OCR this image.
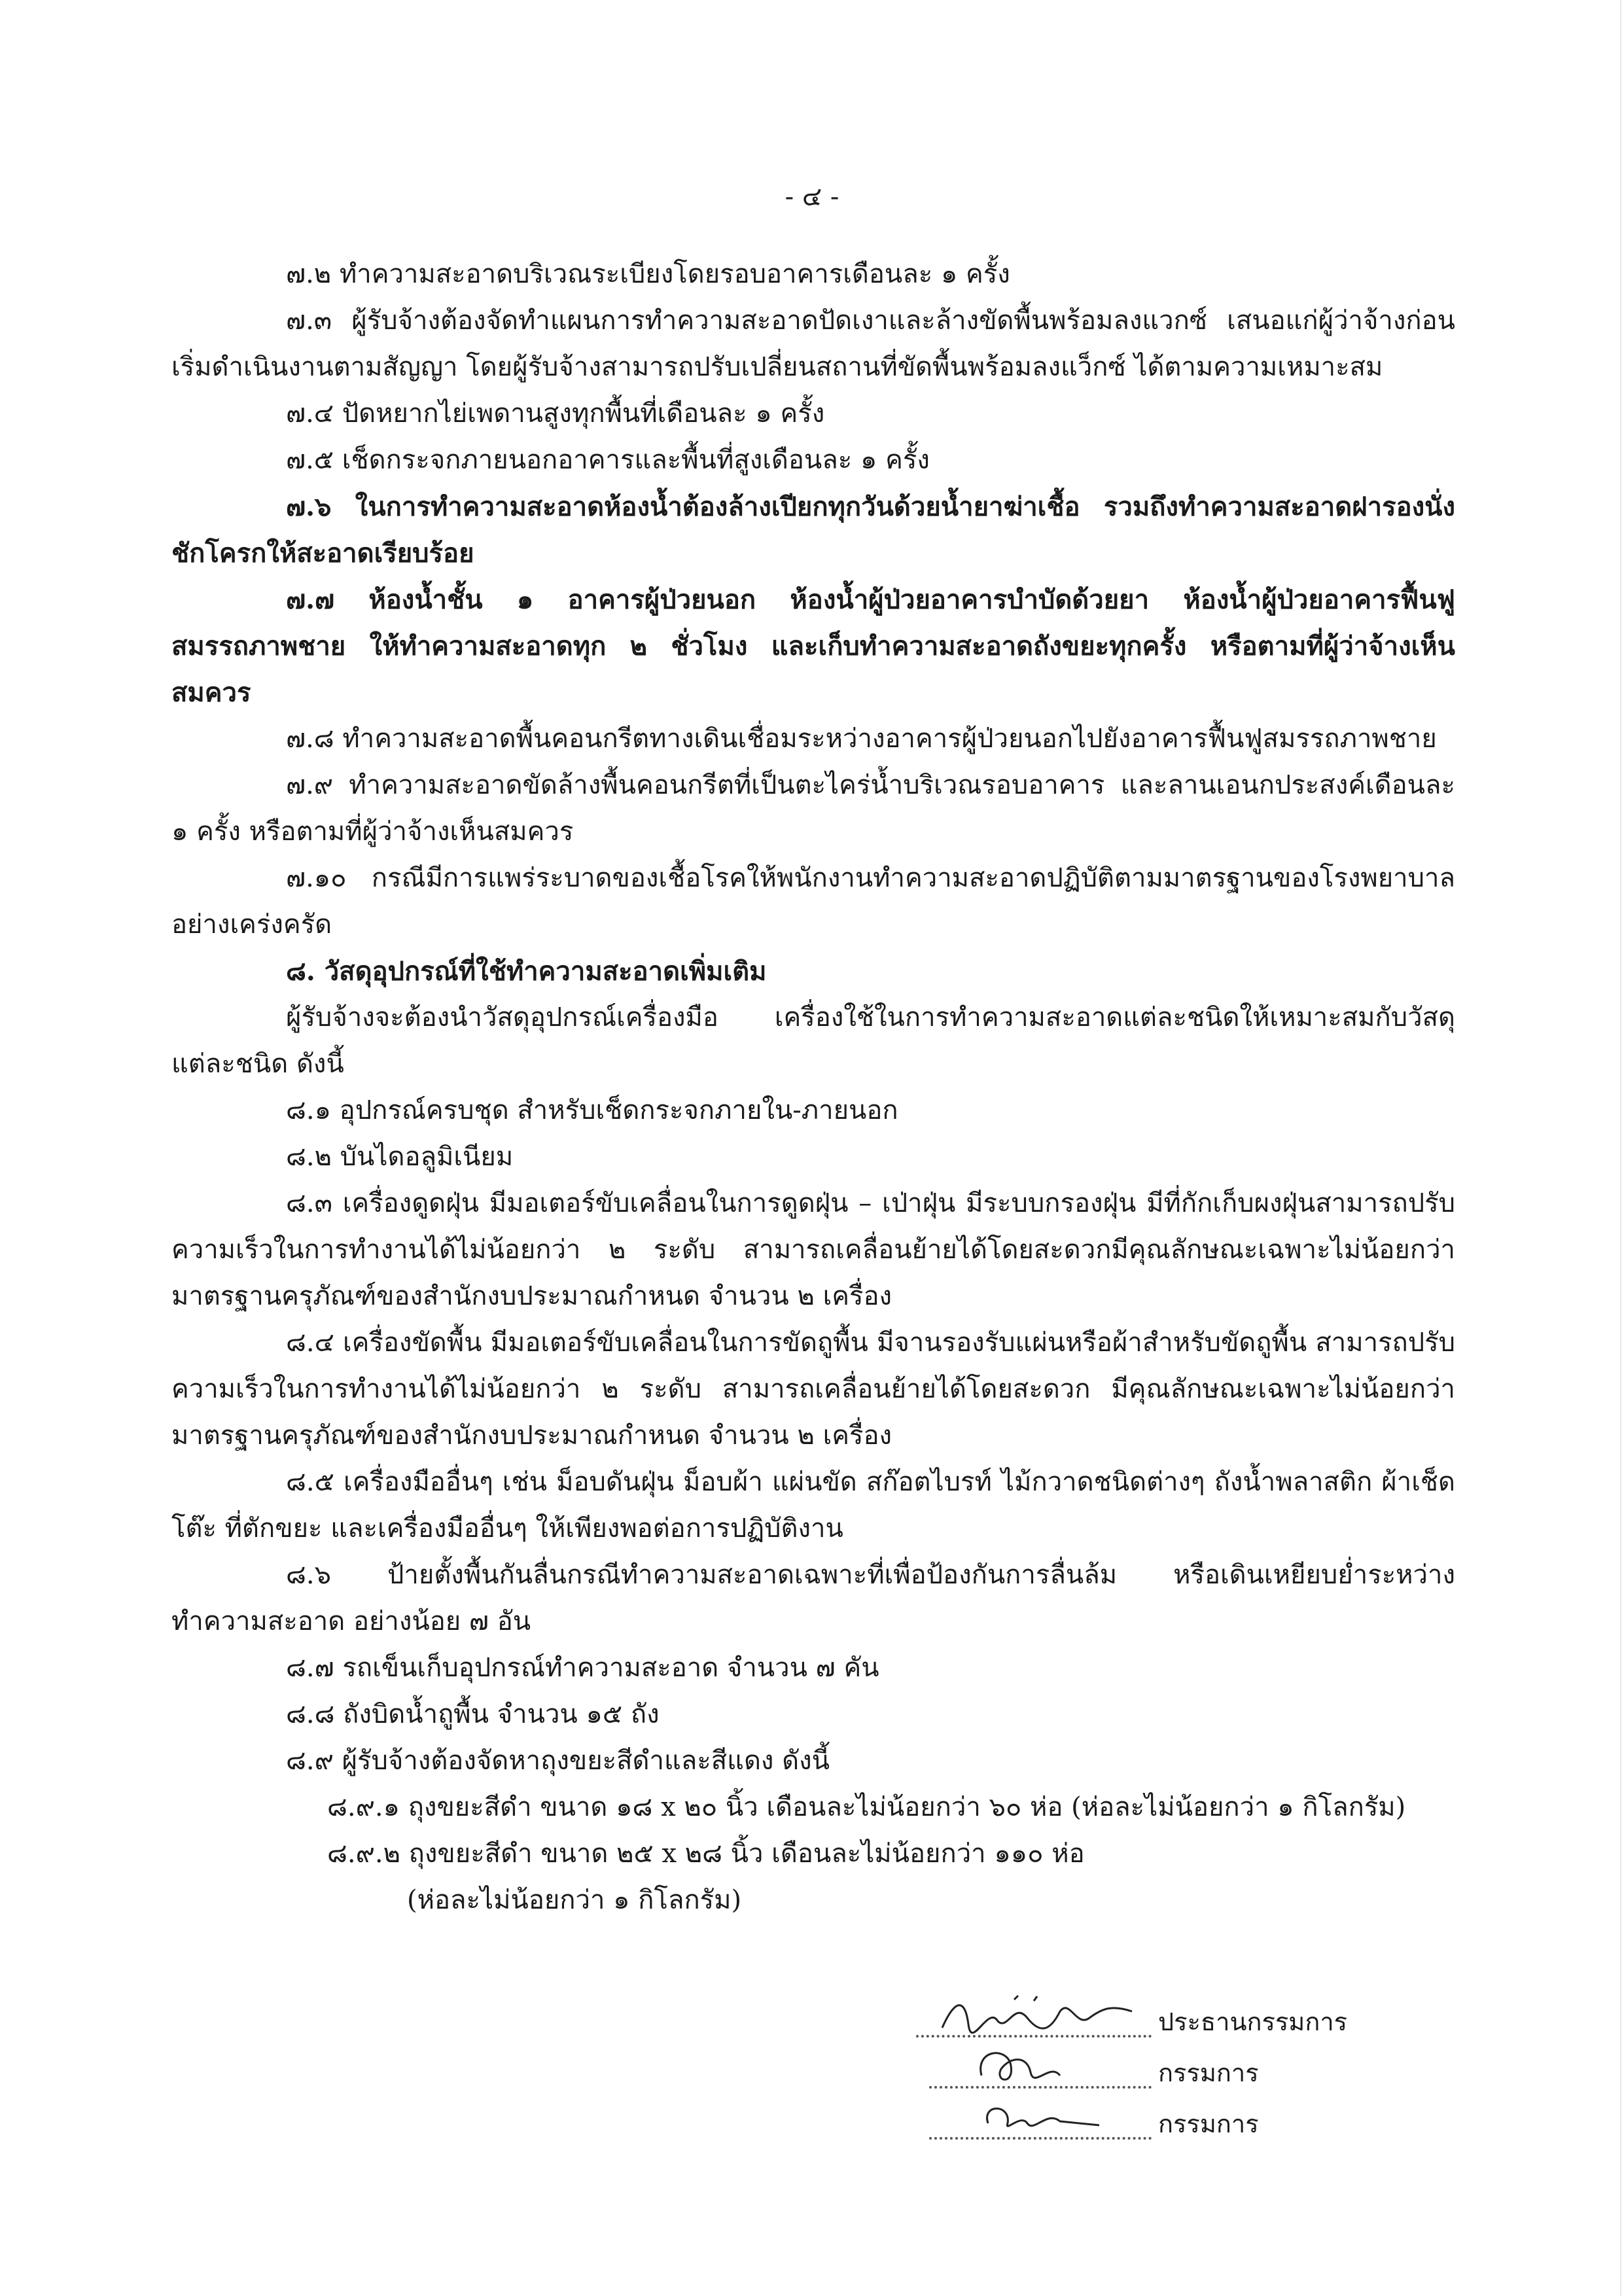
- ๔ -

๗.๒ ทำความสะอาดบริเวณระเบียงโดยรอบอาคารเดือนละ ๑ ครั้ง

๗.๓ ผู้รับจ้างต้องจัดทำแผนการทำความสะอาดปัดเงาและล้างขัดพื้นพร้อมลงแวกซ์ เสนอแก่ผู้ว่าจ้างก่อนเริ่มดำเนินงานตามสัญญา โดยผู้รับจ้างสามารถปรับเปลี่ยนสถานที่ขัดพื้นพร้อมลงแว็กซ์ ได้ตามความเหมาะสม

๗.๔ ปัดหยากไย่เพดานสูงทุกพื้นที่เดือนละ ๑ ครั้ง

๗.๕ เช็ดกระจกภายนอกอาคารและพื้นที่สูงเดือนละ ๑ ครั้ง

๗.๖ ในการทำความสะอาดห้องน้ำต้องล้างเปียกทุกวันด้วยน้ำยาฆ่าเชื้อ รวมถึงทำความสะอาดฝารองนั่ง ชักโครกให้สะอาดเรียบร้อย

๗.๗ ห้องน้ำชั้น ๑ อาคารผู้ป่วยนอก ห้องน้ำผู้ป่วยอาคารบำบัดด้วยยา ห้องน้ำผู้ป่วยอาคารฟื้นฟูสมรรถภาพชาย ให้ทำความสะอาดทุก ๒ ชั่วโมง และเก็บทำความสะอาดถังขยะทุกครั้ง หรือตามที่ผู้ว่าจ้างเห็นสมควร

๗.๘ ทำความสะอาดพื้นคอนกรีตทางเดินเชื่อมระหว่างอาคารผู้ป่วยนอกไปยังอาคารฟื้นฟูสมรรถภาพชาย

๗.๙ ทำความสะอาดขัดล้างพื้นคอนกรีตที่เป็นตะไคร่น้ำบริเวณรอบอาคาร และลานเอนกประสงค์เดือนละ ๑ ครั้ง หรือตามที่ผู้ว่าจ้างเห็นสมควร

๗.๑๐ กรณีมีการแพร่ระบาดของเชื้อโรคให้พนักงานทำความสะอาดปฏิบัติตามมาตรฐานของโรงพยาบาลอย่างเคร่งครัด

๘. วัสดุอุปกรณ์ที่ใช้ทำความสะอาดเพิ่มเติม

ผู้รับจ้างจะต้องนำวัสดุอุปกรณ์เครื่องมือ เครื่องใช้ในการทำความสะอาดแต่ละชนิดให้เหมาะสมกับวัสดุแต่ละชนิด ดังนี้

๘.๑ อุปกรณ์ครบชุด สำหรับเช็ดกระจกภายใน-ภายนอก

๘.๒ บันไดอลูมิเนียม

๘.๓ เครื่องดูดฝุ่น มีมอเตอร์ขับเคลื่อนในการดูดฝุ่น – เป่าฝุ่น มีระบบกรองฝุ่น มีที่กักเก็บผงฝุ่นสามารถปรับความเร็วในการทำงานได้ไม่น้อยกว่า ๒ ระดับ สามารถเคลื่อนย้ายได้โดยสะดวกมีคุณลักษณะเฉพาะไม่น้อยกว่ามาตรฐานครุภัณฑ์ของสำนักงบประมาณกำหนด จำนวน ๒ เครื่อง

๘.๔ เครื่องขัดพื้น มีมอเตอร์ขับเคลื่อนในการขัดถูพื้น มีจานรองรับแผ่นหรือผ้าสำหรับขัดถูพื้น สามารถปรับความเร็วในการทำงานได้ไม่น้อยกว่า ๒ ระดับ สามารถเคลื่อนย้ายได้โดยสะดวก มีคุณลักษณะเฉพาะไม่น้อยกว่ามาตรฐานครุภัณฑ์ของสำนักงบประมาณกำหนด จำนวน ๒ เครื่อง

๘.๕ เครื่องมืออื่นๆ เช่น ม็อบดันฝุ่น ม็อบผ้า แผ่นขัด สก๊อตไบรท์ ไม้กวาดชนิดต่างๆ ถังน้ำพลาสติก ผ้าเช็ดโต๊ะ ที่ตักขยะ และเครื่องมืออื่นๆ ให้เพียงพอต่อการปฏิบัติงาน

๘.๖ ป้ายตั้งพื้นกันลื่นกรณีทำความสะอาดเฉพาะที่เพื่อป้องกันการลื่นล้ม หรือเดินเหยียบย่ำระหว่างทำความสะอาด อย่างน้อย ๗ อัน

๘.๗ รถเข็นเก็บอุปกรณ์ทำความสะอาด จำนวน ๗ คัน

๘.๘ ถังบิดน้ำถูพื้น จำนวน ๑๕ ถัง

๘.๙ ผู้รับจ้างต้องจัดหาถุงขยะสีดำและสีแดง ดังนี้

๘.๙.๑ ถุงขยะสีดำ ขนาด ๑๘ x ๒๐ นิ้ว เดือนละไม่น้อยกว่า ๖๐ ห่อ (ห่อละไม่น้อยกว่า ๑ กิโลกรัม)

๘.๙.๒ ถุงขยะสีดำ ขนาด ๒๕ x ๒๘ นิ้ว เดือนละไม่น้อยกว่า ๑๑๐ ห่อ

(ห่อละไม่น้อยกว่า ๑ กิโลกรัม)

ประธานกรรมการ
กรรมการ
กรรมการ
